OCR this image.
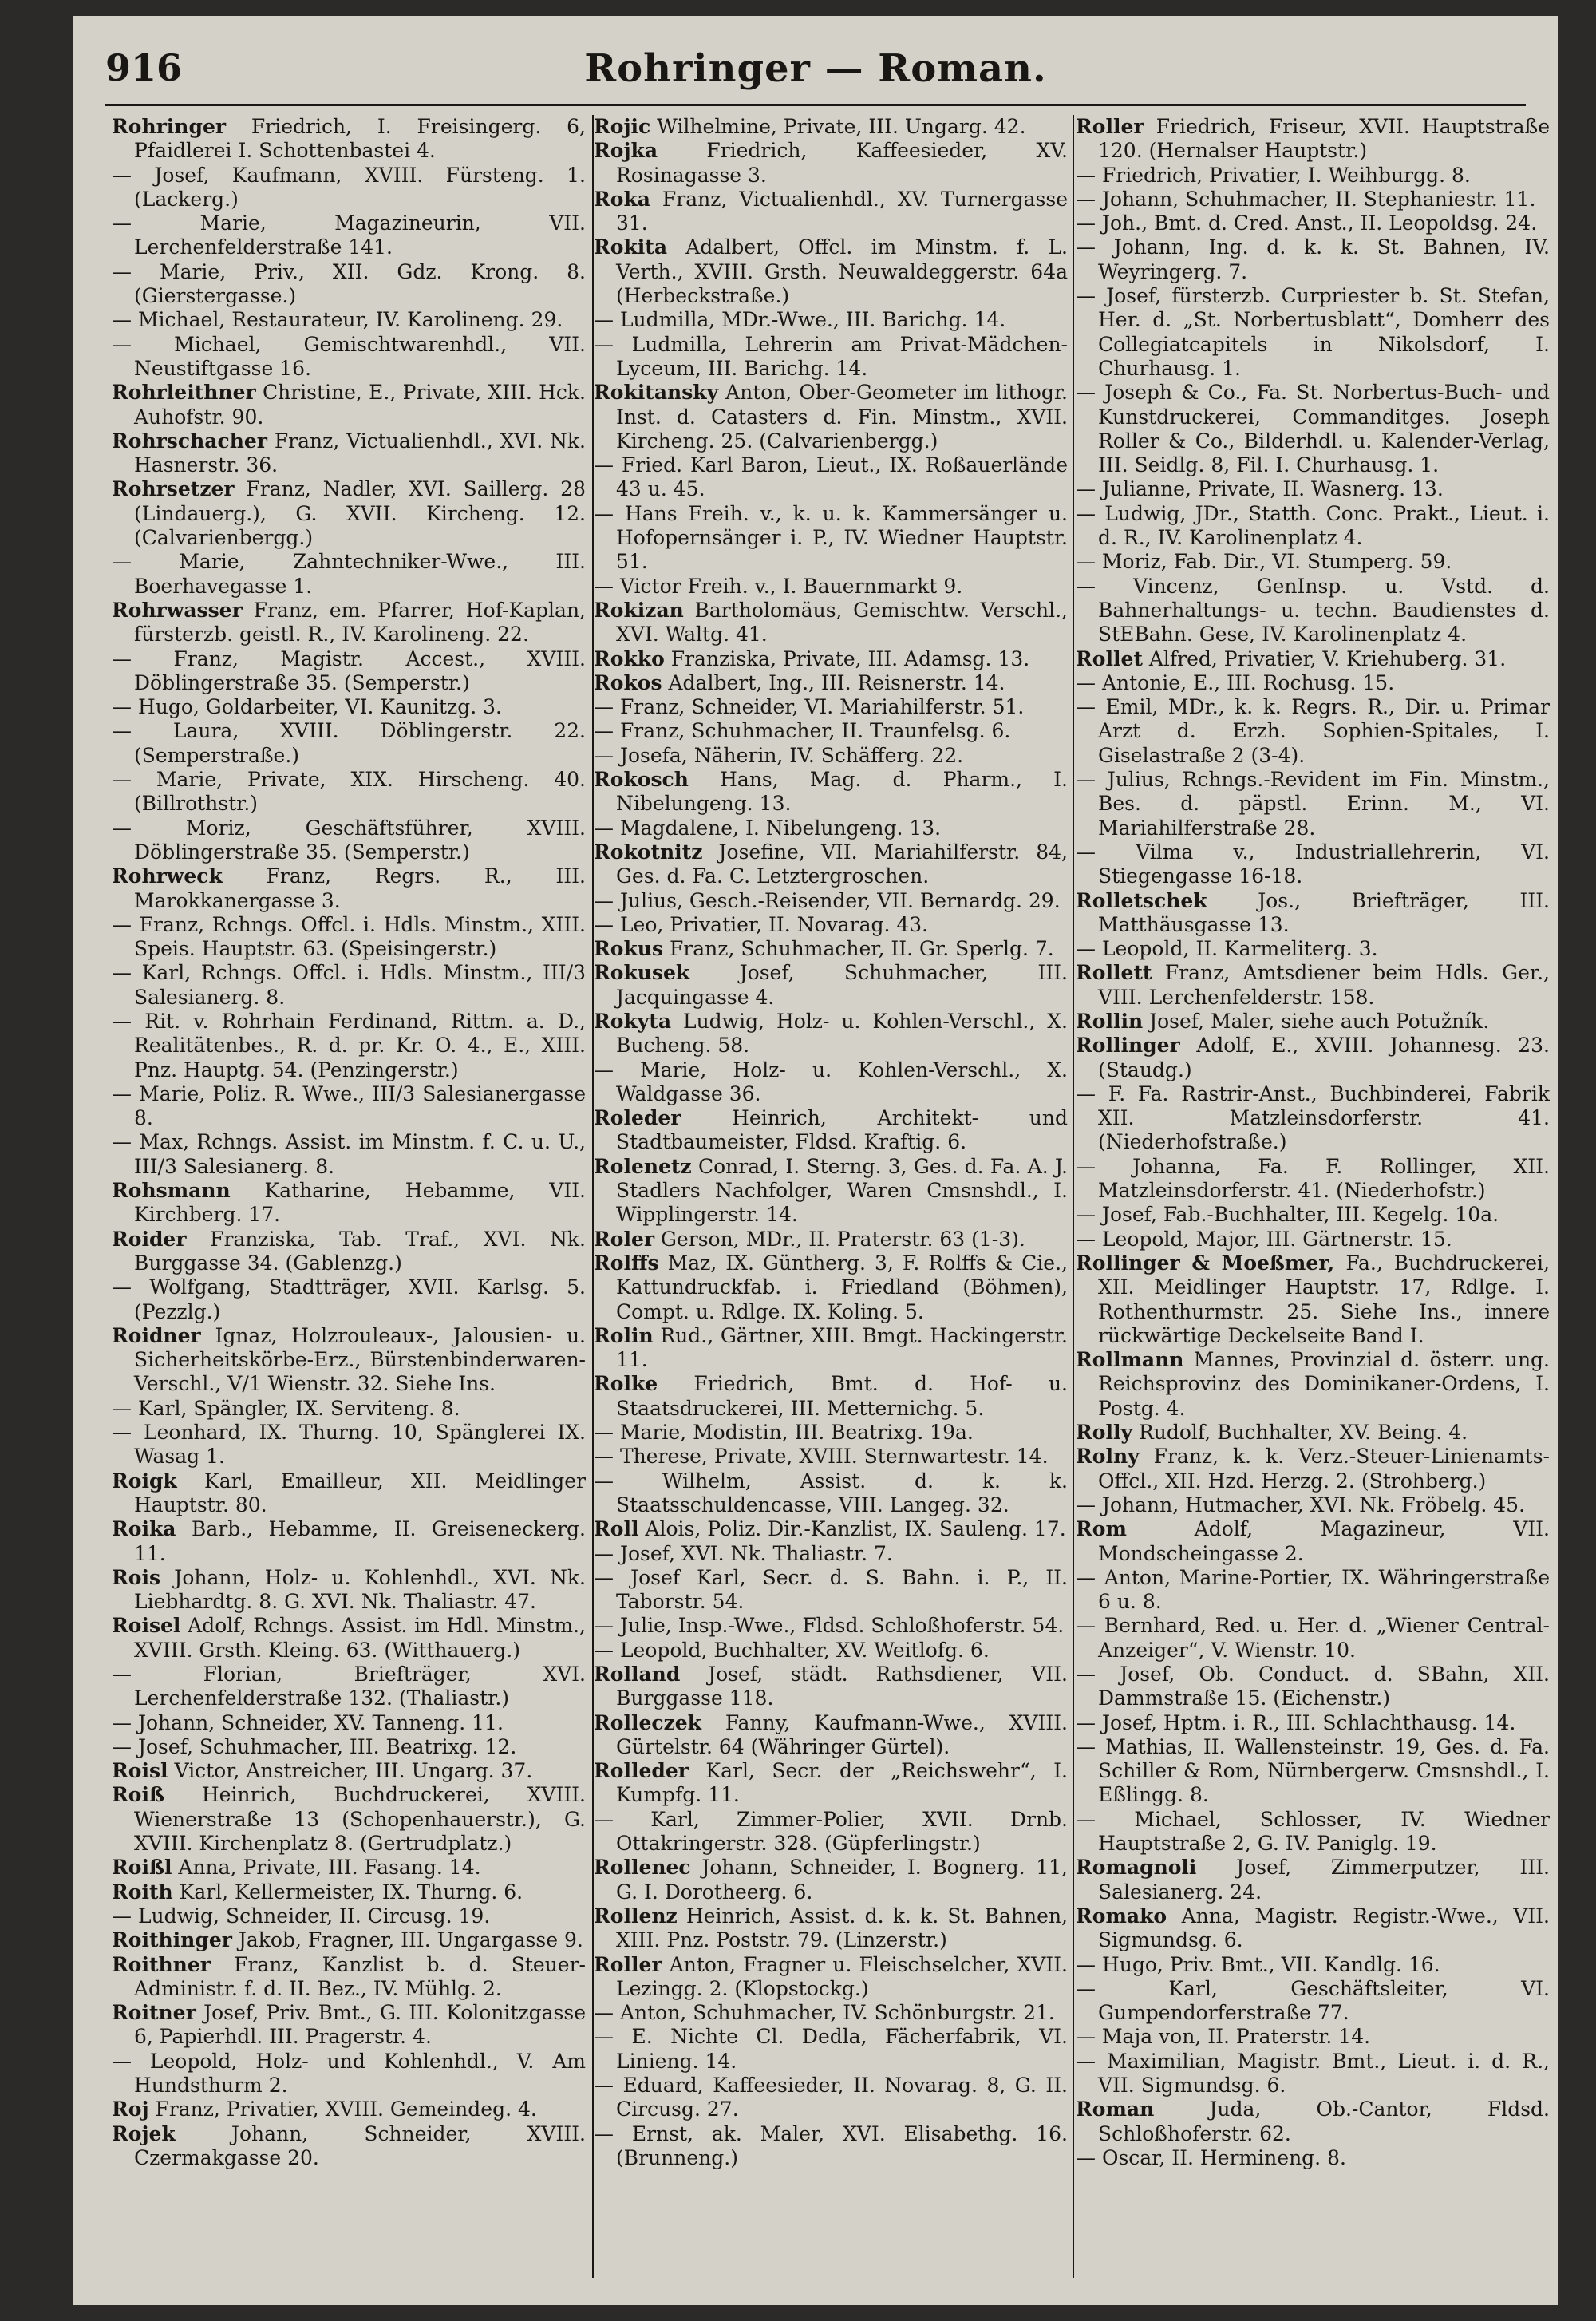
916	Rohringer — Roman.

Rohringer Friedrich, I. Freisingerg. 6, Pfaidlerei I. Schottenbastei 4.

— Josef, Kaufmann, XVIII. Fürsteng. 1. (Lackerg.)

— Marie, Magazineurin, VII. Lerchenfelderstraße 141.

— Marie, Priv., XII. Gdz. Krong. 8. (Gierstergasse.)

— Michael, Restaurateur, IV. Karolineng. 29.

— Michael, Gemischtwarenhdl., VII. Neustiftgasse 16.

Rohrleithner Christine, E., Private, XIII. Hck. Auhofstr. 90.

Rohrschacher Franz, Victualienhdl., XVI. Nk. Hasnerstr. 36.

Rohrsetzer Franz, Nadler, XVI. Saillerg. 28 (Lindauerg.), G. XVII. Kircheng. 12. (Calvarienbergg.)

— Marie, Zahntechniker-Wwe., III. Boerhavegasse 1.

Rohrwasser Franz, em. Pfarrer, Hof-Kaplan, fürsterzb. geistl. R., IV. Karolineng. 22.

— Franz, Magistr. Accest., XVIII. Döblingerstraße 35. (Semperstr.)

— Hugo, Goldarbeiter, VI. Kaunitzg. 3.

— Laura, XVIII. Döblingerstr. 22. (Semperstraße.)

— Marie, Private, XIX. Hirscheng. 40. (Billrothstr.)

— Moriz, Geschäftsführer, XVIII. Döblingerstraße 35. (Semperstr.)

Rohrweck Franz, Regrs. R., III. Marokkanergasse 3.

— Franz, Rchngs. Offcl. i. Hdls. Minstm., XIII. Speis. Hauptstr. 63. (Speisingerstr.)

— Karl, Rchngs. Offcl. i. Hdls. Minstm., III/3 Salesianerg. 8.

— Rit. v. Rohrhain Ferdinand, Rittm. a. D., Realitätenbes., R. d. pr. Kr. O. 4., E., XIII. Pnz. Hauptg. 54. (Penzingerstr.)

— Marie, Poliz. R. Wwe., III/3 Salesianergasse 8.

— Max, Rchngs. Assist. im Minstm. f. C. u. U., III/3 Salesianerg. 8.

Rohsmann Katharine, Hebamme, VII. Kirchberg. 17.

Roider Franziska, Tab. Traf., XVI. Nk. Burggasse 34. (Gablenzg.)

— Wolfgang, Stadtträger, XVII. Karlsg. 5. (Pezzlg.)

Roidner Ignaz, Holzrouleaux-, Jalousien- u. Sicherheitskörbe-Erz., Bürstenbinderwaren-Verschl., V/1 Wienstr. 32. Siehe Ins.

— Karl, Spängler, IX. Serviteng. 8.

— Leonhard, IX. Thurng. 10, Spänglerei IX. Wasag 1.

Roigk Karl, Emailleur, XII. Meidlinger Hauptstr. 80.

Roika Barb., Hebamme, II. Greiseneckerg. 11.

Rois Johann, Holz- u. Kohlenhdl., XVI. Nk. Liebhardtg. 8. G. XVI. Nk. Thaliastr. 47.

Roisel Adolf, Rchngs. Assist. im Hdl. Minstm., XVIII. Grsth. Kleing. 63. (Witthauerg.)

— Florian, Briefträger, XVI. Lerchenfelderstraße 132. (Thaliastr.)

— Johann, Schneider, XV. Tanneng. 11.

— Josef, Schuhmacher, III. Beatrixg. 12.

Roisl Victor, Anstreicher, III. Ungarg. 37.

Roiß Heinrich, Buchdruckerei, XVIII. Wienerstraße 13 (Schopenhauerstr.), G. XVIII. Kirchenplatz 8. (Gertrudplatz.)

Roißl Anna, Private, III. Fasang. 14.

Roith Karl, Kellermeister, IX. Thurng. 6.

— Ludwig, Schneider, II. Circusg. 19.

Roithinger Jakob, Fragner, III. Ungargasse 9.

Roithner Franz, Kanzlist b. d. Steuer-Administr. f. d. II. Bez., IV. Mühlg. 2.

Roitner Josef, Priv. Bmt., G. III. Kolonitzgasse 6, Papierhdl. III. Pragerstr. 4.

— Leopold, Holz- und Kohlenhdl., V. Am Hundsthurm 2.

Roj Franz, Privatier, XVIII. Gemeindeg. 4.

Rojek	Johann, Schneider, XVIII. Czermakgasse 20.

Rojic Wilhelmine, Private, III. Ungarg. 42.

Rojka Friedrich, Kaffeesieder, XV. Rosinagasse 3.

Roka Franz, Victualienhdl., XV. Turnergasse 31.

Rokita Adalbert, Offcl. im Minstm. f. L. Verth., XVIII. Grsth. Neuwaldeggerstr. 64a (Herbeckstraße.)

— Ludmilla, MDr.-Wwe., III. Barichg. 14.

— Ludmilla, Lehrerin am Privat-Mädchen-Lyceum, III. Barichg. 14.

Rokitansky Anton, Ober-Geometer im lithogr. Inst. d. Catasters d. Fin. Minstm., XVII. Kircheng. 25. (Calvarienbergg.)

— Fried. Karl Baron, Lieut., IX. Roßauerlände 43 u. 45.

— Hans Freih. v., k. u. k. Kammersänger u. Hofopernsänger i. P., IV. Wiedner Hauptstr. 51.

— Victor Freih. v., I. Bauernmarkt 9.

Rokizan Bartholomäus, Gemischtw. Verschl., XVI. Waltg. 41.

Rokko Franziska, Private, III. Adamsg. 13.

Rokos Adalbert, Ing., III. Reisnerstr. 14.

— Franz, Schneider, VI. Mariahilferstr. 51.

— Franz, Schuhmacher, II. Traunfelsg. 6.

— Josefa, Näherin, IV. Schäfferg. 22.

Rokosch Hans, Mag. d. Pharm., I. Nibelungeng. 13.

— Magdalene, I. Nibelungeng. 13.

Rokotnitz Josefine, VII. Mariahilferstr. 84, Ges. d. Fa. C. Letztergroschen.

— Julius, Gesch.-Reisender, VII. Bernardg. 29.

— Leo, Privatier, II. Novarag. 43.

Rokus Franz, Schuhmacher, II. Gr. Sperlg. 7.

Rokusek Josef, Schuhmacher, III. Jacquingasse 4.

Rokyta Ludwig, Holz- u. Kohlen-Verschl., X. Bucheng. 58.

— Marie, Holz- u. Kohlen-Verschl., X. Waldgasse 36.

Roleder	Heinrich, Architekt- und Stadtbaumeister, Fldsd. Kraftig. 6.

Rolenetz Conrad, I. Sterng. 3, Ges. d. Fa. A. J. Stadlers Nachfolger, Waren Cmsnshdl., I. Wipplingerstr. 14.

Roler Gerson, MDr., II. Praterstr. 63 (1-3).

Rolffs Maz, IX. Güntherg. 3, F. Rolffs & Cie., Kattundruckfab. i. Friedland (Böhmen), Compt. u. Rdlge. IX. Koling. 5.

Rolin Rud., Gärtner, XIII. Bmgt. Hackingerstr. 11.

Rolke Friedrich, Bmt. d. Hof- u. Staatsdruckerei, III. Metternichg. 5.

— Marie, Modistin, III. Beatrixg. 19a.

— Therese, Private, XVIII. Sternwartestr. 14.

— Wilhelm, Assist. d. k. k. Staatsschuldencasse, VIII. Langeg. 32.

Roll Alois, Poliz. Dir.-Kanzlist, IX. Sauleng. 17.

— Josef, XVI. Nk. Thaliastr. 7.

— Josef Karl, Secr. d. S. Bahn. i. P., II. Taborstr. 54.

— Julie, Insp.-Wwe., Fldsd. Schloßhoferstr. 54.

— Leopold, Buchhalter, XV. Weitlofg. 6.

Rolland Josef, städt. Rathsdiener, VII. Burggasse 118.

Rolleczek Fanny, Kaufmann-Wwe., XVIII. Gürtelstr. 64 (Währinger Gürtel).

Rolleder Karl, Secr. der „Reichswehr“, I. Kumpfg. 11.

— Karl, Zimmer-Polier, XVII. Drnb. Ottakringerstr. 328. (Güpferlingstr.)

Rollenec Johann, Schneider, I. Bognerg. 11, G. I. Dorotheerg. 6.

Rollenz Heinrich, Assist. d. k. k. St. Bahnen, XIII. Pnz. Poststr. 79. (Linzerstr.)

Roller Anton, Fragner u. Fleischselcher, XVII. Lezingg. 2. (Klopstockg.)

— Anton, Schuhmacher, IV. Schönburgstr. 21.

— E. Nichte Cl. Dedla, Fächerfabrik, VI. Linieng. 14.

— Eduard, Kaffeesieder, II. Novarag. 8, G. II. Circusg. 27.

— Ernst, ak. Maler, XVI. Elisabethg. 16. (Brunneng.)

Roller Friedrich, Friseur, XVII. Hauptstraße 120. (Hernalser Hauptstr.)

— Friedrich, Privatier, I. Weihburgg. 8.

— Johann, Schuhmacher, II. Stephaniestr. 11.

— Joh., Bmt. d. Cred. Anst., II. Leopoldsg. 24.

— Johann, Ing. d. k. k. St. Bahnen, IV. Weyringerg. 7.

— Josef, fürsterzb. Curpriester b. St. Stefan, Her. d. „St. Norbertusblatt“, Domherr des Collegiatcapitels in Nikolsdorf, I. Churhausg. 1.

— Joseph & Co., Fa. St. Norbertus-Buch- und Kunstdruckerei, Commanditges. Joseph Roller & Co., Bilderhdl. u. Kalender-Verlag, III. Seidlg. 8, Fil. I. Churhausg. 1.

— Julianne, Private, II. Wasnerg. 13.

— Ludwig, JDr., Statth. Conc. Prakt., Lieut. i. d. R., IV. Karolinenplatz 4.

— Moriz, Fab. Dir., VI. Stumperg. 59.

— Vincenz, GenInsp. u. Vstd. d. Bahnerhaltungs- u. techn. Baudienstes d. StEBahn. Gese, IV. Karolinenplatz 4.

Rollet Alfred, Privatier, V. Kriehuberg. 31.

— Antonie, E., III. Rochusg. 15.

— Emil, MDr., k. k. Regrs. R., Dir. u. Primar Arzt d. Erzh. Sophien-Spitales, I. Giselastraße 2 (3-4).

— Julius, Rchngs.-Revident im Fin. Minstm., Bes. d. päpstl. Erinn. M., VI. Mariahilferstraße 28.

— Vilma v., Industriallehrerin, VI. Stiegengasse 16-18.

Rolletschek	Jos., Briefträger, III. Matthäusgasse 13.

— Leopold, II. Karmeliterg. 3.

Rollett Franz, Amtsdiener beim Hdls. Ger., VIII. Lerchenfelderstr. 158.

Rollin Josef, Maler, siehe auch Potužník.

Rollinger Adolf, E., XVIII. Johannesg. 23. (Staudg.)

— F. Fa. Rastrir-Anst., Buchbinderei, Fabrik XII. Matzleinsdorferstr. 41. (Niederhofstraße.)

— Johanna, Fa. F. Rollinger, XII. Matzleinsdorferstr. 41. (Niederhofstr.)

— Josef, Fab.-Buchhalter, III. Kegelg. 10a.

— Leopold, Major, III. Gärtnerstr. 15.

Rollinger & Moeßmer, Fa., Buchdruckerei, XII. Meidlinger Hauptstr. 17, Rdlge. I. Rothenthurmstr. 25. Siehe Ins., innere rückwärtige Deckelseite Band I.

Rollmann Mannes, Provinzial d. österr. ung. Reichsprovinz des Dominikaner-Ordens, I. Postg. 4.

Rolly Rudolf, Buchhalter, XV. Being. 4.

Rolny Franz, k. k. Verz.-Steuer-Linienamts-Offcl., XII. Hzd. Herzg. 2. (Strohberg.)

— Johann, Hutmacher, XVI. Nk. Fröbelg. 45.

Rom	Adolf, Magazineur, VII. Mondscheingasse 2.

— Anton, Marine-Portier, IX. Währingerstraße 6 u. 8.

— Bernhard, Red. u. Her. d. „Wiener Central-Anzeiger“, V. Wienstr. 10.

— Josef, Ob. Conduct. d. SBahn, XII. Dammstraße 15. (Eichenstr.)

— Josef, Hptm. i. R., III. Schlachthausg. 14.

— Mathias, II. Wallensteinstr. 19, Ges. d. Fa. Schiller & Rom, Nürnbergerw. Cmsnshdl., I. Eßlingg. 8.

— Michael, Schlosser, IV. Wiedner Hauptstraße 2, G. IV. Paniglg. 19.

Romagnoli Josef, Zimmerputzer, III. Salesianerg. 24.

Romako Anna, Magistr. Registr.-Wwe., VII. Sigmundsg. 6.

— Hugo, Priv. Bmt., VII. Kandlg. 16.

— Karl, Geschäftsleiter, VI. Gumpendorferstraße 77.

— Maja von, II. Praterstr. 14.

— Maximilian, Magistr. Bmt., Lieut. i. d. R., VII. Sigmundsg. 6.

Roman	Juda, Ob.-Cantor, Fldsd. Schloßhoferstr. 62.

— Oscar, II. Hermineng. 8.
